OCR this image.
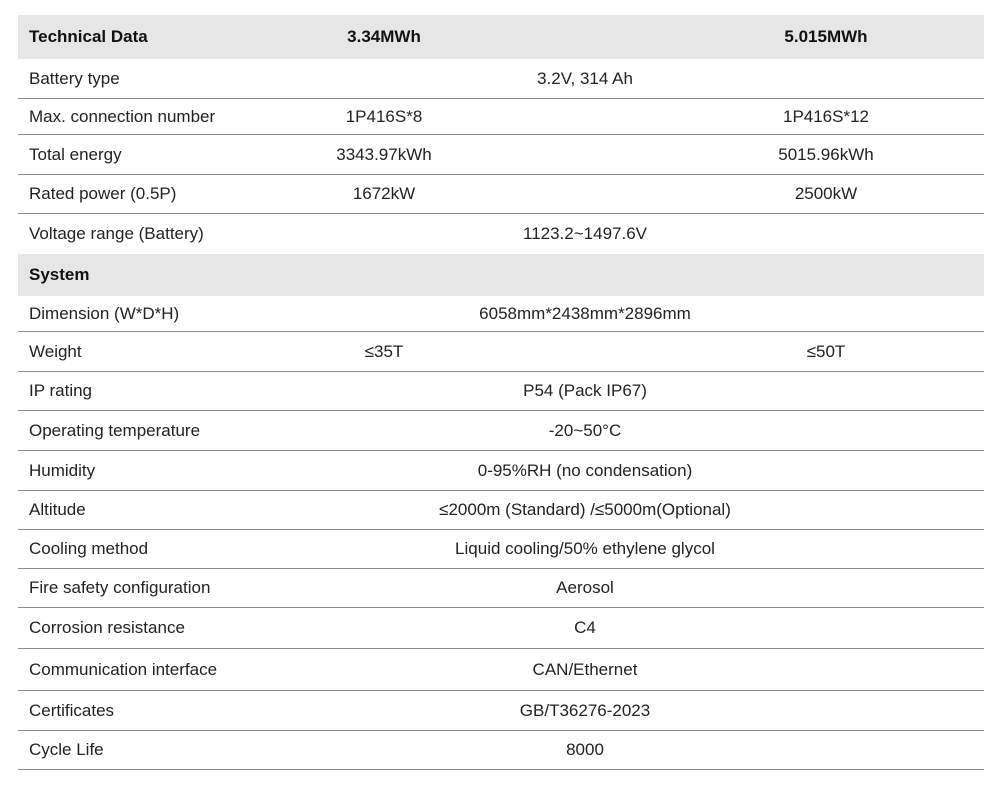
Technical Data	3.34MWh	5.015MWh
Battery type	3.2V, 314 Ah
Max. connection number	1P416S*8	1P416S*12
Total energy	3343.97kWh	5015.96kWh
Rated power (0.5P)	1672kW	2500kW
Voltage range (Battery)	1123.2~1497.6V
System
Dimension (W*D*H)	6058mm*2438mm*2896mm
Weight	≤35T	≤50T
IP rating	P54 (Pack IP67)
Operating temperature	-20~50°C
Humidity	0-95%RH (no condensation)
Altitude	≤2000m (Standard) /≤5000m(Optional)
Cooling method	Liquid cooling/50% ethylene glycol
Fire safety configuration	Aerosol
Corrosion resistance	C4
Communication interface	CAN/Ethernet
Certificates	GB/T36276-2023
Cycle Life	8000
